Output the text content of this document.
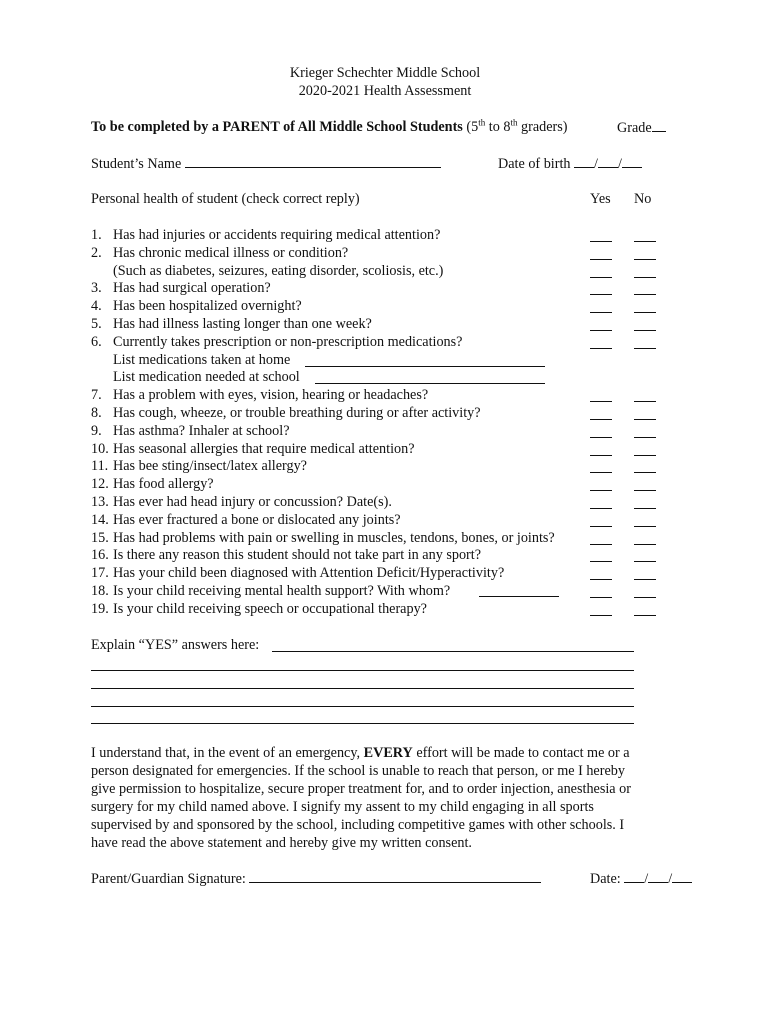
Krieger Schechter Middle School
2020-2021 Health Assessment
To be completed by a PARENT of All Middle School Students (5th to 8th graders)	Grade
Student’s Name	Date of birth / /
Personal health of student (check correct reply)	Yes No
1. Has had injuries or accidents requiring medical attention?
2. Has chronic medical illness or condition?
(Such as diabetes, seizures, eating disorder, scoliosis, etc.)
3. Has had surgical operation?
4. Has been hospitalized overnight?
5. Has had illness lasting longer than one week?
6. Currently takes prescription or non-prescription medications?
List medications taken at home
List medication needed at school
7. Has a problem with eyes, vision, hearing or headaches?
8. Has cough, wheeze, or trouble breathing during or after activity?
9. Has asthma? Inhaler at school?
10. Has seasonal allergies that require medical attention?
11. Has bee sting/insect/latex allergy?
12. Has food allergy?
13. Has ever had head injury or concussion? Date(s).
14. Has ever fractured a bone or dislocated any joints?
15. Has had problems with pain or swelling in muscles, tendons, bones, or joints?
16. Is there any reason this student should not take part in any sport?
17. Has your child been diagnosed with Attention Deficit/Hyperactivity?
18. Is your child receiving mental health support? With whom?
19. Is your child receiving speech or occupational therapy?
Explain “YES” answers here:
I understand that, in the event of an emergency, EVERY effort will be made to contact me or a
person designated for emergencies. If the school is unable to reach that person, or me I hereby
give permission to hospitalize, secure proper treatment for, and to order injection, anesthesia or
surgery for my child named above. I signify my assent to my child engaging in all sports
supervised by and sponsored by the school, including competitive games with other schools. I
have read the above statement and hereby give my written consent.
Parent/Guardian Signature:	Date: / /
